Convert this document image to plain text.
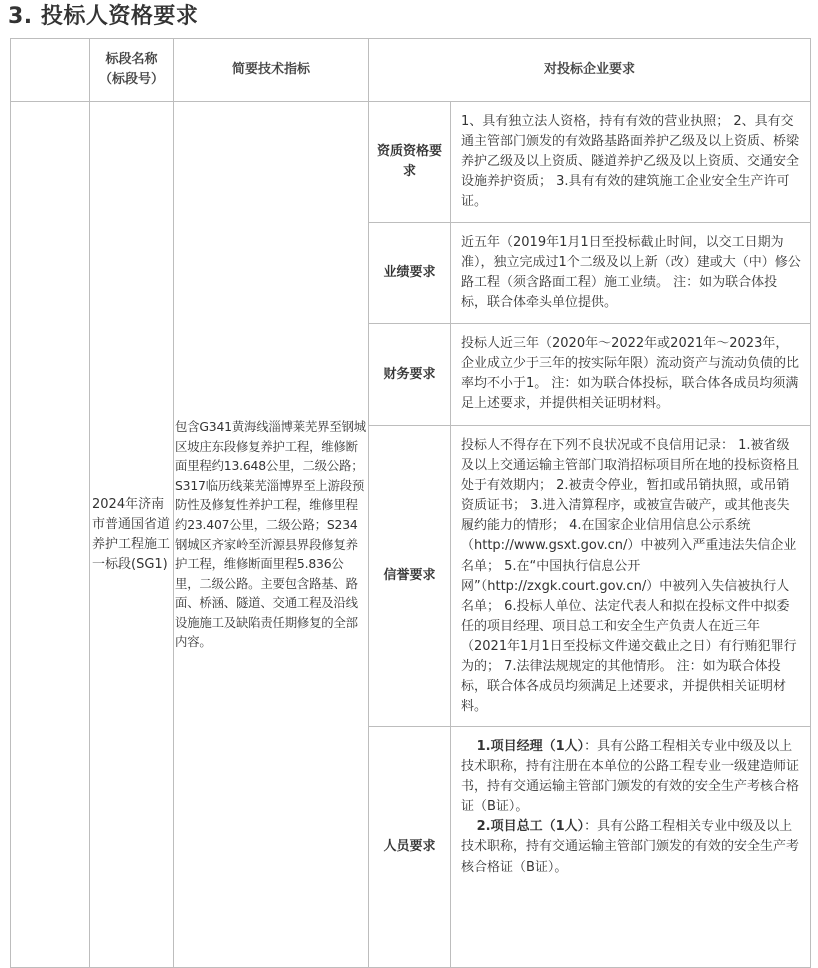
3. 投标人资格要求
	标段名称（标段号）	简要技术指标	对投标企业要求	
	2024年济南市普通国省道养护工程施工一标段(SG1)	包含G341黄海线淄博莱芜界至钢城区坡庄东段修复养护工程，维修断面里程约13.648公里，二级公路；S317临历线莱芜淄博界至上游段预防性及修复性养护工程，维修里程约23.407公里，二级公路；S234钢城区齐家岭至沂源县界段修复养护工程，维修断面里程5.836公里，二级公路。主要包含路基、路面、桥涵、隧道、交通工程及沿线设施施工及缺陷责任期修复的全部内容。	资质资格要求	1、具有独立法人资格，持有有效的营业执照； 2、具有交通主管部门颁发的有效路基路面养护乙级及以上资质、桥梁养护乙级及以上资质、隧道养护乙级及以上资质、交通安全设施养护资质； 3.具有有效的建筑施工企业安全生产许可证。

			业绩要求	近五年（2019年1月1日至投标截止时间，以交工日期为准），独立完成过1个二级及以上新（改）建或大（中）修公路工程（须含路面工程）施工业绩。 注：如为联合体投标，联合体牵头单位提供。

			财务要求	投标人近三年（2020年～2022年或2021年～2023年，企业成立少于三年的按实际年限）流动资产与流动负债的比率均不小于1。 注：如为联合体投标，联合体各成员均须满足上述要求，并提供相关证明材料。

			信誉要求	投标人不得存在下列不良状况或不良信用记录： 1.被省级及以上交通运输主管部门取消招标项目所在地的投标资格且处于有效期内； 2.被责令停业，暂扣或吊销执照，或吊销资质证书； 3.进入清算程序，或被宣告破产，或其他丧失履约能力的情形； 4.在国家企业信用信息公示系统（http://www.gsxt.gov.cn/）中被列入严重违法失信企业名单； 5.在“中国执行信息公开网”（http://zxgk.court.gov.cn/）中被列入失信被执行人名单； 6.投标人单位、法定代表人和拟在投标文件中拟委任的项目经理、项目总工和安全生产负责人在近三年（2021年1月1日至投标文件递交截止之日）有行贿犯罪行为的； 7.法律法规规定的其他情形。 注：如为联合体投标，联合体各成员均须满足上述要求，并提供相关证明材料。

			人员要求	1.项目经理（1人）：具有公路工程相关专业中级及以上技术职称，持有注册在本单位的公路工程专业一级建造师证书，持有交通运输主管部门颁发的有效的安全生产考核合格证（B证）。

2.项目总工（1人）：具有公路工程相关专业中级及以上技术职称，持有交通运输主管部门颁发的有效的安全生产考核合格证（B证）。
